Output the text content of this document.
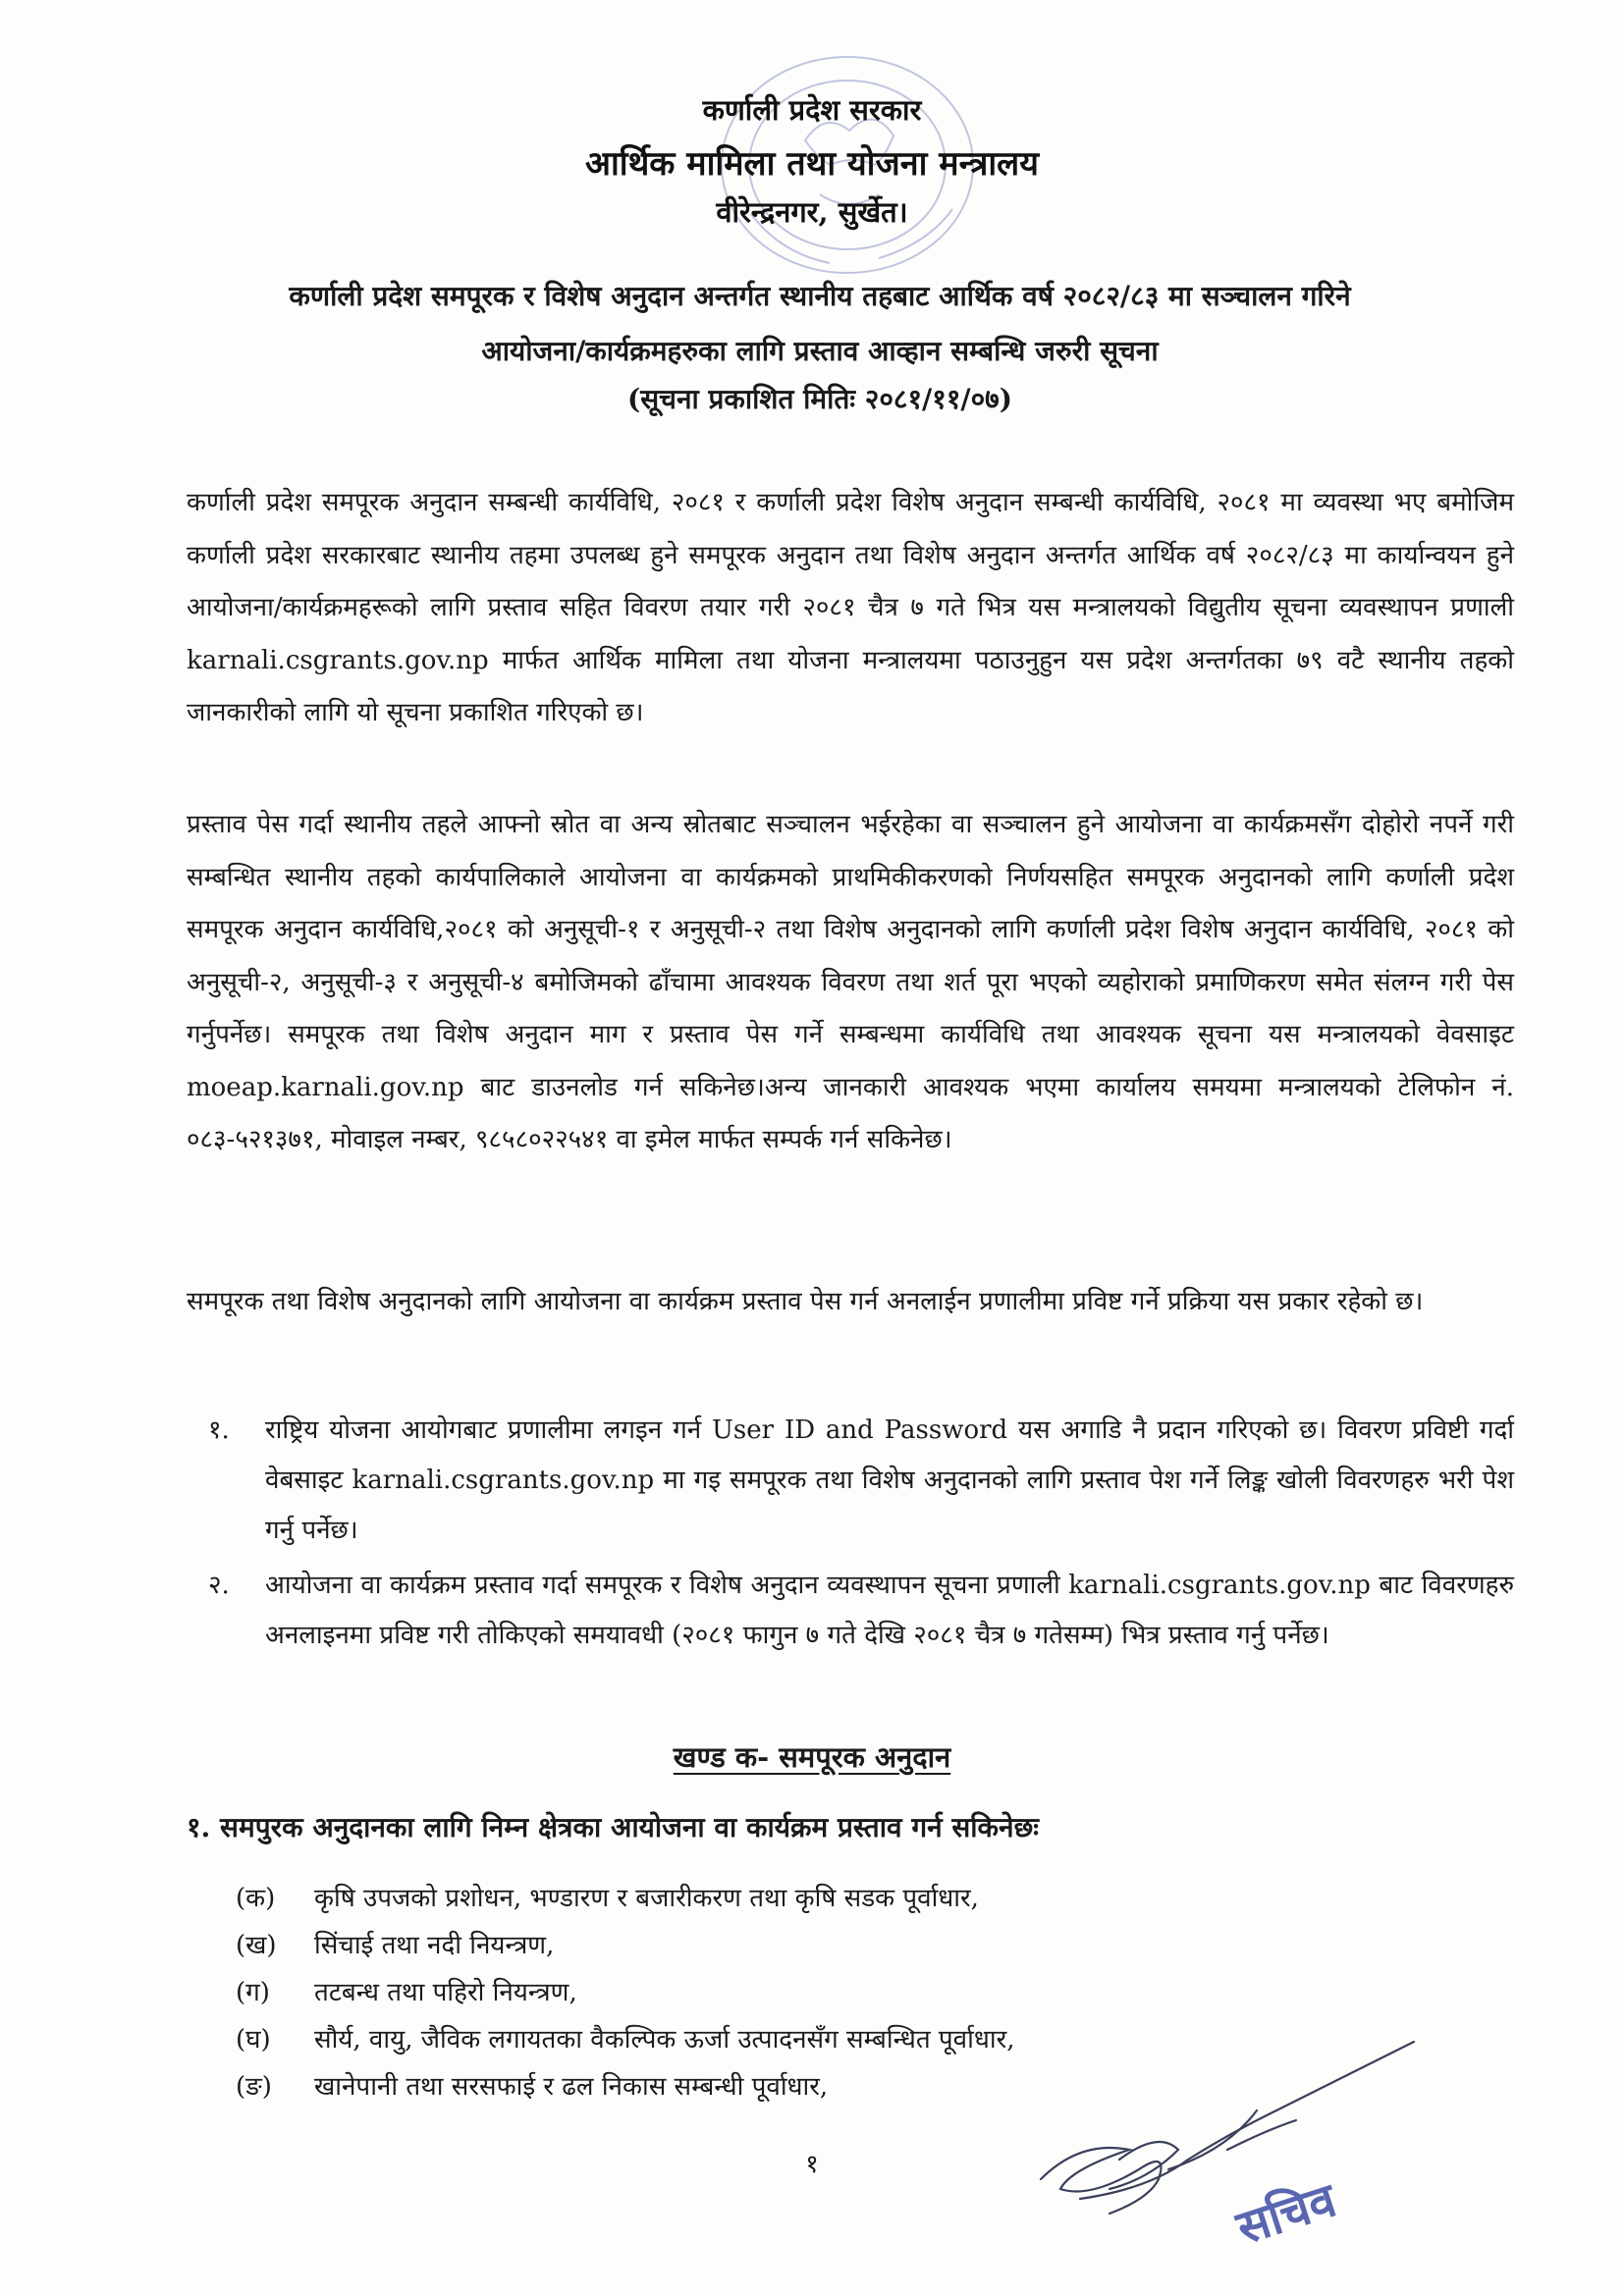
कर्णाली प्रदेश सरकार
आर्थिक मामिला तथा योजना मन्त्रालय
वीरेन्द्रनगर, सुर्खेत।
कर्णाली प्रदेश समपूरक र विशेष अनुदान अन्तर्गत स्थानीय तहबाट आर्थिक वर्ष २०८२/८३ मा सञ्चालन गरिने
आयोजना/कार्यक्रमहरुका लागि प्रस्ताव आव्हान सम्बन्धि जरुरी सूचना
(सूचना प्रकाशित मितिः २०८१/११/०७)

कर्णाली प्रदेश समपूरक अनुदान सम्बन्धी कार्यविधि, २०८१ र कर्णाली प्रदेश विशेष अनुदान सम्बन्धी कार्यविधि, २०८१ मा व्यवस्था भए बमोजिम कर्णाली प्रदेश सरकारबाट स्थानीय तहमा उपलब्ध हुने समपूरक अनुदान तथा विशेष अनुदान अन्तर्गत आर्थिक वर्ष २०८२/८३ मा कार्यान्वयन हुने आयोजना/कार्यक्रमहरूको लागि प्रस्ताव सहित विवरण तयार गरी २०८१ चैत्र ७ गते भित्र यस मन्त्रालयको विद्युतीय सूचना व्यवस्थापन प्रणाली karnali.csgrants.gov.np मार्फत आर्थिक मामिला तथा योजना मन्त्रालयमा पठाउनुहुन यस प्रदेश अन्तर्गतका ७९ वटै स्थानीय तहको जानकारीको लागि यो सूचना प्रकाशित गरिएको छ।

प्रस्ताव पेस गर्दा स्थानीय तहले आफ्नो स्रोत वा अन्य स्रोतबाट सञ्चालन भईरहेका वा सञ्चालन हुने आयोजना वा कार्यक्रमसँग दोहोरो नपर्ने गरी सम्बन्धित स्थानीय तहको कार्यपालिकाले आयोजना वा कार्यक्रमको प्राथमिकीकरणको निर्णयसहित समपूरक अनुदानको लागि कर्णाली प्रदेश समपूरक अनुदान कार्यविधि,२०८१ को अनुसूची-१ र अनुसूची-२ तथा विशेष अनुदानको लागि कर्णाली प्रदेश विशेष अनुदान कार्यविधि, २०८१ को अनुसूची-२, अनुसूची-३ र अनुसूची-४ बमोजिमको ढाँचामा आवश्यक विवरण तथा शर्त पूरा भएको व्यहोराको प्रमाणिकरण समेत संलग्न गरी पेस गर्नुपर्नेछ। समपूरक तथा विशेष अनुदान माग र प्रस्ताव पेस गर्ने सम्बन्धमा कार्यविधि तथा आवश्यक सूचना यस मन्त्रालयको वेवसाइट moeap.karnali.gov.np बाट डाउनलोड गर्न सकिनेछ।अन्य जानकारी आवश्यक भएमा कार्यालय समयमा मन्त्रालयको टेलिफोन नं. ०८३-५२१३७१, मोवाइल नम्बर, ९८५८०२२५४१ वा इमेल मार्फत सम्पर्क गर्न सकिनेछ।

समपूरक तथा विशेष अनुदानको लागि आयोजना वा कार्यक्रम प्रस्ताव पेस गर्न अनलाईन प्रणालीमा प्रविष्ट गर्ने प्रक्रिया यस प्रकार रहेको छ।

१.	राष्ट्रिय योजना आयोगबाट प्रणालीमा लगइन गर्न User ID and Password यस अगाडि नै प्रदान गरिएको छ। विवरण प्रविष्टी गर्दा वेबसाइट karnali.csgrants.gov.np मा गइ समपूरक तथा विशेष अनुदानको लागि प्रस्ताव पेश गर्ने लिङ्क खोली विवरणहरु भरी पेश गर्नु पर्नेछ।
२.	आयोजना वा कार्यक्रम प्रस्ताव गर्दा समपूरक र विशेष अनुदान व्यवस्थापन सूचना प्रणाली karnali.csgrants.gov.np बाट विवरणहरु अनलाइनमा प्रविष्ट गरी तोकिएको समयावधी (२०८१ फागुन ७ गते देखि २०८१ चैत्र ७ गतेसम्म) भित्र प्रस्ताव गर्नु पर्नेछ।
खण्ड क- समपूरक अनुदान
१. समपुरक अनुदानका लागि निम्न क्षेत्रका आयोजना वा कार्यक्रम प्रस्ताव गर्न सकिनेछः
(क) कृषि उपजको प्रशोधन, भण्डारण र बजारीकरण तथा कृषि सडक पूर्वाधार,
(ख) सिंचाई तथा नदी नियन्त्रण,
(ग) तटबन्ध तथा पहिरो नियन्त्रण,
(घ) सौर्य, वायु, जैविक लगायतका वैकल्पिक ऊर्जा उत्पादनसँग सम्बन्धित पूर्वाधार,
(ङ) खानेपानी तथा सरसफाई र ढल निकास सम्बन्धी पूर्वाधार,
१
सचिव
